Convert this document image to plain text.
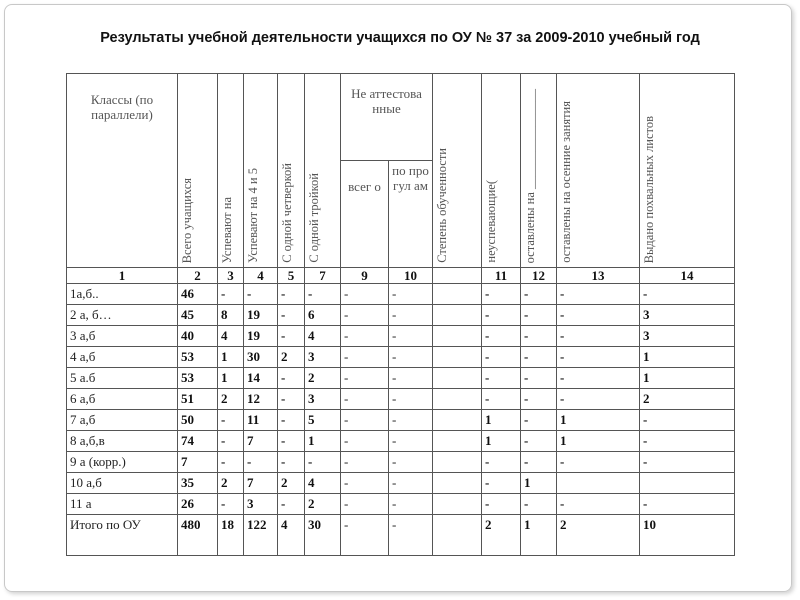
Результаты учебной деятельности учащихся по ОУ № 37 за 2009-2010 учебный год
Классы (по параллели)	Всего учащихся	Успевают на	Успевают на 4 и 5	С одной четверкой	С одной тройкой	Не аттестова нные		Степень обученности	неуспевающие(	оставлены на ________________	оставлены на осенние занятия	Выдано похвальных листов

						всег о	по про гул ам					
1	2	3	4	5	7	9	10		11	12	13	14
1а,б..	46	-	-	-	-	-	-		-	-	-	-
2 а, б…	45	8	19	-	6	-	-		-	-	-	3
3 а,б	40	4	19	-	4	-	-		-	-	-	3
4 а,б	53	1	30	2	3	-	-		-	-	-	1
5 а.б	53	1	14	-	2	-	-		-	-	-	1
6 а,б	51	2	12	-	3	-	-		-	-	-	2
7 а,б	50	-	11	-	5	-	-		1	-	1	-
8 а,б,в	74	-	7	-	1	-	-		1	-	1	-
9 а (корр.)	7	-	-	-	-	-	-		-	-	-	-
10 а,б	35	2	7	2	4	-	-		-	1		
11 а	26	-	3	-	2	-	-		-	-	-	-
Итого по ОУ	480	18	122	4	30	-	-		2	1	2	10
